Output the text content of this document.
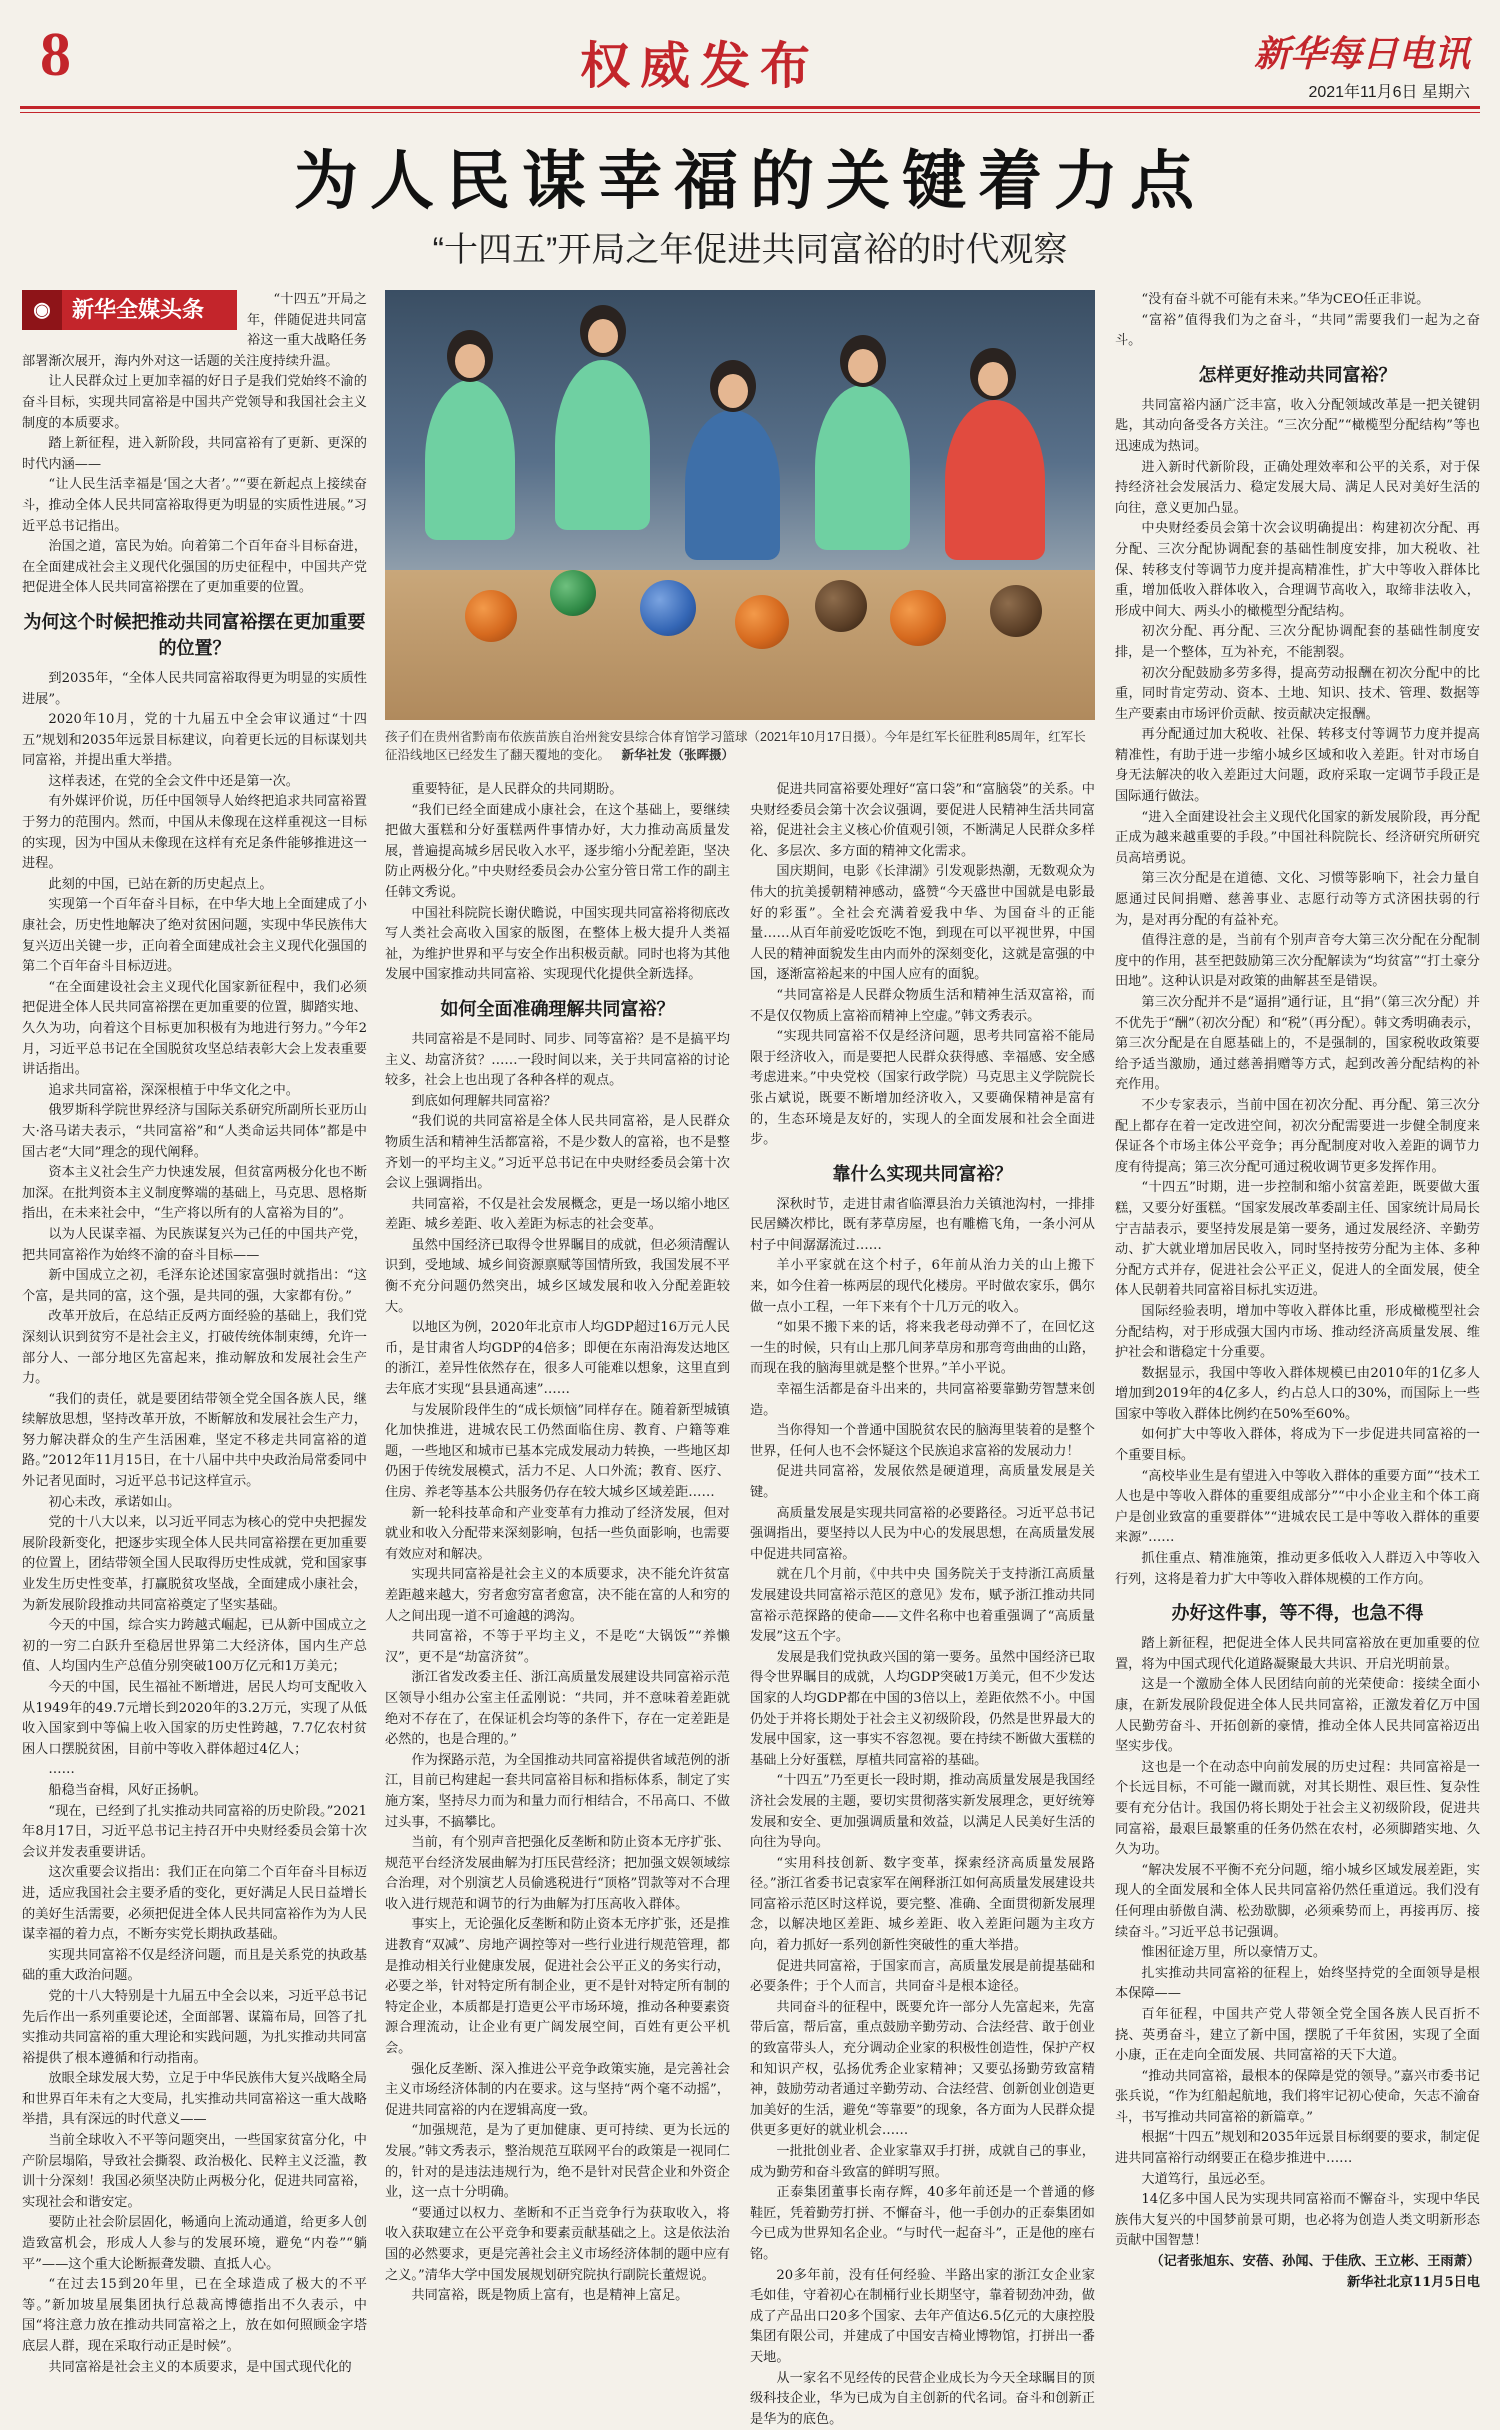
8	权威发布	新华每日电讯
2021年11月6日 星期六
为人民谋幸福的关键着力点
“十四五”开局之年促进共同富裕的时代观察
◉ 新华全媒头条	“十四五”开局之年，伴随促进共同富裕这一重大战略任务部署渐次展开，海内外对这一话题的关注度持续升温。

让人民群众过上更加幸福的好日子是我们党始终不渝的奋斗目标，实现共同富裕是中国共产党领导和我国社会主义制度的本质要求。

踏上新征程，进入新阶段，共同富裕有了更新、更深的时代内涵——

“让人民生活幸福是‘国之大者’。”“要在新起点上接续奋斗，推动全体人民共同富裕取得更为明显的实质性进展。”习近平总书记指出。

治国之道，富民为始。向着第二个百年奋斗目标奋进，在全面建成社会主义现代化强国的历史征程中，中国共产党把促进全体人民共同富裕摆在了更加重要的位置。

为何这个时候把推动共同富裕摆在更加重要的位置？

到2035年，“全体人民共同富裕取得更为明显的实质性进展”。

2020年10月，党的十九届五中全会审议通过“十四五”规划和2035年远景目标建议，向着更长远的目标谋划共同富裕，并提出重大举措。

这样表述，在党的全会文件中还是第一次。

有外媒评价说，历任中国领导人始终把追求共同富裕置于努力的范围内。然而，中国从未像现在这样重视这一目标的实现，因为中国从未像现在这样有充足条件能够推进这一进程。

此刻的中国，已站在新的历史起点上。

实现第一个百年奋斗目标，在中华大地上全面建成了小康社会，历史性地解决了绝对贫困问题，实现中华民族伟大复兴迈出关键一步，正向着全面建成社会主义现代化强国的第二个百年奋斗目标迈进。

“在全面建设社会主义现代化国家新征程中，我们必须把促进全体人民共同富裕摆在更加重要的位置，脚踏实地、久久为功，向着这个目标更加积极有为地进行努力。”今年2月，习近平总书记在全国脱贫攻坚总结表彰大会上发表重要讲话指出。

追求共同富裕，深深根植于中华文化之中。

俄罗斯科学院世界经济与国际关系研究所副所长亚历山大·洛马诺夫表示，“共同富裕”和“人类命运共同体”都是中国古老“大同”理念的现代阐释。

资本主义社会生产力快速发展，但贫富两极分化也不断加深。在批判资本主义制度弊端的基础上，马克思、恩格斯指出，在未来社会中，“生产将以所有的人富裕为目的”。

以为人民谋幸福、为民族谋复兴为己任的中国共产党，把共同富裕作为始终不渝的奋斗目标——

新中国成立之初，毛泽东论述国家富强时就指出：“这个富，是共同的富，这个强，是共同的强，大家都有份。”

改革开放后，在总结正反两方面经验的基础上，我们党深刻认识到贫穷不是社会主义，打破传统体制束缚，允许一部分人、一部分地区先富起来，推动解放和发展社会生产力。

“我们的责任，就是要团结带领全党全国各族人民，继续解放思想，坚持改革开放，不断解放和发展社会生产力，努力解决群众的生产生活困难，坚定不移走共同富裕的道路。”2012年11月15日，在十八届中共中央政治局常委同中外记者见面时，习近平总书记这样宣示。

初心未改，承诺如山。

党的十八大以来，以习近平同志为核心的党中央把握发展阶段新变化，把逐步实现全体人民共同富裕摆在更加重要的位置上，团结带领全国人民取得历史性成就，党和国家事业发生历史性变革，打赢脱贫攻坚战，全面建成小康社会，为新发展阶段推动共同富裕奠定了坚实基础。

今天的中国，综合实力跨越式崛起，已从新中国成立之初的一穷二白跃升至稳居世界第二大经济体，国内生产总值、人均国内生产总值分别突破100万亿元和1万美元；

今天的中国，民生福祉不断增进，居民人均可支配收入从1949年的49.7元增长到2020年的3.2万元，实现了从低收入国家到中等偏上收入国家的历史性跨越，7.7亿农村贫困人口摆脱贫困，目前中等收入群体超过4亿人；

……

船稳当奋楫，风好正扬帆。

“现在，已经到了扎实推动共同富裕的历史阶段。”2021年8月17日，习近平总书记主持召开中央财经委员会第十次会议并发表重要讲话。

这次重要会议指出：我们正在向第二个百年奋斗目标迈进，适应我国社会主要矛盾的变化，更好满足人民日益增长的美好生活需要，必须把促进全体人民共同富裕作为为人民谋幸福的着力点，不断夯实党长期执政基础。

实现共同富裕不仅是经济问题，而且是关系党的执政基础的重大政治问题。

党的十八大特别是十九届五中全会以来，习近平总书记先后作出一系列重要论述，全面部署、谋篇布局，回答了扎实推动共同富裕的重大理论和实践问题，为扎实推动共同富裕提供了根本遵循和行动指南。

放眼全球发展大势，立足于中华民族伟大复兴战略全局和世界百年未有之大变局，扎实推动共同富裕这一重大战略举措，具有深远的时代意义——

当前全球收入不平等问题突出，一些国家贫富分化，中产阶层塌陷，导致社会撕裂、政治极化、民粹主义泛滥，教训十分深刻！我国必须坚决防止两极分化，促进共同富裕，实现社会和谐安定。

要防止社会阶层固化，畅通向上流动通道，给更多人创造致富机会，形成人人参与的发展环境，避免“内卷”“躺平”——这个重大论断振聋发聩、直抵人心。

“在过去15到20年里，已在全球造成了极大的不平等。”新加坡星展集团执行总裁高博德指出不久表示，中国“将注意力放在推动共同富裕之上，放在如何照顾金字塔底层人群，现在采取行动正是时候”。

共同富裕是社会主义的本质要求，是中国式现代化的

孩子们在贵州省黔南布依族苗族自治州瓮安县综合体育馆学习篮球（2021年10月17日摄）。今年是红军长征胜利85周年，红军长征沿线地区已经发生了翻天覆地的变化。 新华社发（张晖摄）

重要特征，是人民群众的共同期盼。

“我们已经全面建成小康社会，在这个基础上，要继续把做大蛋糕和分好蛋糕两件事情办好，大力推动高质量发展，普遍提高城乡居民收入水平，逐步缩小分配差距，坚决防止两极分化。”中央财经委员会办公室分管日常工作的副主任韩文秀说。

中国社科院院长谢伏瞻说，中国实现共同富裕将彻底改写人类社会高收入国家的版图，在整体上极大提升人类福祉，为维护世界和平与安全作出积极贡献。同时也将为其他发展中国家推动共同富裕、实现现代化提供全新选择。

如何全面准确理解共同富裕？

共同富裕是不是同时、同步、同等富裕？是不是搞平均主义、劫富济贫？……一段时间以来，关于共同富裕的讨论较多，社会上也出现了各种各样的观点。

到底如何理解共同富裕？

“我们说的共同富裕是全体人民共同富裕，是人民群众物质生活和精神生活都富裕，不是少数人的富裕，也不是整齐划一的平均主义。”习近平总书记在中央财经委员会第十次会议上强调指出。

共同富裕，不仅是社会发展概念，更是一场以缩小地区差距、城乡差距、收入差距为标志的社会变革。

虽然中国经济已取得令世界瞩目的成就，但必须清醒认识到，受地域、城乡间资源禀赋等国情所致，我国发展不平衡不充分问题仍然突出，城乡区域发展和收入分配差距较大。

以地区为例，2020年北京市人均GDP超过16万元人民币，是甘肃省人均GDP的4倍多；即便在东南沿海发达地区的浙江，差异性依然存在，很多人可能难以想象，这里直到去年底才实现“县县通高速”……

与发展阶段伴生的“成长烦恼”同样存在。随着新型城镇化加快推进，进城农民工仍然面临住房、教育、户籍等难题，一些地区和城市已基本完成发展动力转换，一些地区却仍困于传统发展模式，活力不足、人口外流；教育、医疗、住房、养老等基本公共服务仍存在较大城乡区域差距……

新一轮科技革命和产业变革有力推动了经济发展，但对就业和收入分配带来深刻影响，包括一些负面影响，也需要有效应对和解决。

实现共同富裕是社会主义的本质要求，决不能允许贫富差距越来越大，穷者愈穷富者愈富，决不能在富的人和穷的人之间出现一道不可逾越的鸿沟。

共同富裕，不等于平均主义，不是吃“大锅饭”“养懒汉”，更不是“劫富济贫”。

浙江省发改委主任、浙江高质量发展建设共同富裕示范区领导小组办公室主任孟刚说：“共同，并不意味着差距就绝对不存在了，在保证机会均等的条件下，存在一定差距是必然的，也是合理的。”

作为探路示范，为全国推动共同富裕提供省域范例的浙江，目前已构建起一套共同富裕目标和指标体系，制定了实施方案，坚持尽力而为和量力而行相结合，不吊高口、不做过头事，不搞攀比。

当前，有个别声音把强化反垄断和防止资本无序扩张、规范平台经济发展曲解为打压民营经济；把加强文娱领域综合治理，对个别演艺人员偷逃税进行“顶格”罚款等对不合理收入进行规范和调节的行为曲解为打压高收入群体。

事实上，无论强化反垄断和防止资本无序扩张，还是推进教育“双减”、房地产调控等对一些行业进行规范管理，都是推动相关行业健康发展，促进社会公平正义的务实行动，必要之举，针对特定所有制企业，更不是针对特定所有制的特定企业，本质都是打造更公平市场环境，推动各种要素资源合理流动，让企业有更广阔发展空间，百姓有更公平机会。

强化反垄断、深入推进公平竞争政策实施，是完善社会主义市场经济体制的内在要求。这与坚持“两个毫不动摇”，促进共同富裕的内在逻辑高度一致。

“加强规范，是为了更加健康、更可持续、更为长远的发展。”韩文秀表示，整治规范互联网平台的政策是一视同仁的，针对的是违法违规行为，绝不是针对民营企业和外资企业，这一点十分明确。

“要通过以权力、垄断和不正当竞争行为获取收入，将收入获取建立在公平竞争和要素贡献基础之上。这是依法治国的必然要求，更是完善社会主义市场经济体制的题中应有之义。”清华大学中国发展规划研究院执行副院长董煜说。

共同富裕，既是物质上富有，也是精神上富足。

促进共同富裕要处理好“富口袋”和“富脑袋”的关系。中央财经委员会第十次会议强调，要促进人民精神生活共同富裕，促进社会主义核心价值观引领，不断满足人民群众多样化、多层次、多方面的精神文化需求。

国庆期间，电影《长津湖》引发观影热潮，无数观众为伟大的抗美援朝精神感动，盛赞“今天盛世中国就是电影最好的彩蛋”。全社会充满着爱我中华、为国奋斗的正能量……从百年前爱吃饭吃不饱，到现在可以平视世界，中国人民的精神面貌发生由内而外的深刻变化，这就是富强的中国，逐渐富裕起来的中国人应有的面貌。

“共同富裕是人民群众物质生活和精神生活双富裕，而不是仅仅物质上富裕而精神上空虚。”韩文秀表示。

“实现共同富裕不仅是经济问题，思考共同富裕不能局限于经济收入，而是要把人民群众获得感、幸福感、安全感考虑进来。”中央党校（国家行政学院）马克思主义学院院长张占斌说，既要不断增加经济收入，又要确保精神是富有的，生态环境是友好的，实现人的全面发展和社会全面进步。

靠什么实现共同富裕？

深秋时节，走进甘肃省临潭县治力关镇池沟村，一排排民居鳞次栉比，既有茅草房屋，也有雕檐飞角，一条小河从村子中间潺潺流过……

羊小平家就在这个村子，6年前从治力关的山上搬下来，如今住着一栋两层的现代化楼房。平时做农家乐，偶尔做一点小工程，一年下来有个十几万元的收入。

“如果不搬下来的话，将来我老母动弹不了，在回忆这一生的时候，只有山上那几间茅草房和那弯弯曲曲的山路，而现在我的脑海里就是整个世界。”羊小平说。

幸福生活都是奋斗出来的，共同富裕要靠勤劳智慧来创造。

当你得知一个普通中国脱贫农民的脑海里装着的是整个世界，任何人也不会怀疑这个民族追求富裕的发展动力！

促进共同富裕，发展依然是硬道理，高质量发展是关键。

高质量发展是实现共同富裕的必要路径。习近平总书记强调指出，要坚持以人民为中心的发展思想，在高质量发展中促进共同富裕。

就在几个月前，《中共中央 国务院关于支持浙江高质量发展建设共同富裕示范区的意见》发布，赋予浙江推动共同富裕示范探路的使命——文件名称中也着重强调了“高质量发展”这五个字。

发展是我们党执政兴国的第一要务。虽然中国经济已取得令世界瞩目的成就，人均GDP突破1万美元，但不少发达国家的人均GDP都在中国的3倍以上，差距依然不小。中国仍处于并将长期处于社会主义初级阶段，仍然是世界最大的发展中国家，这一事实不容忽视。要在持续不断做大蛋糕的基础上分好蛋糕，厚植共同富裕的基础。

“十四五”乃至更长一段时期，推动高质量发展是我国经济社会发展的主题，要切实贯彻落实新发展理念，更好统筹发展和安全、更加强调质量和效益，以满足人民美好生活的向往为导向。

“实用科技创新、数字变革，探索经济高质量发展路径。”浙江省委书记袁家军在阐释浙江如何高质量发展建设共同富裕示范区时这样说，要完整、准确、全面贯彻新发展理念，以解决地区差距、城乡差距、收入差距问题为主攻方向，着力抓好一系列创新性突破性的重大举措。

促进共同富裕，于国家而言，高质量发展是前提基础和必要条件；于个人而言，共同奋斗是根本途径。

共同奋斗的征程中，既要允许一部分人先富起来，先富带后富，帮后富，重点鼓励辛勤劳动、合法经营、敢于创业的致富带头人，充分调动企业家的积极性创造性，保护产权和知识产权，弘扬优秀企业家精神；又要弘扬勤劳致富精神，鼓励劳动者通过辛勤劳动、合法经营、创新创业创造更加美好的生活，避免“等靠要”的现象，各方面为人民群众提供更多更好的就业机会……

一批批创业者、企业家靠双手打拼，成就自己的事业，成为勤劳和奋斗致富的鲜明写照。

正泰集团董事长南存辉，40多年前还是一个普通的修鞋匠，凭着勤劳打拼、不懈奋斗，他一手创办的正泰集团如今已成为世界知名企业。“与时代一起奋斗”，正是他的座右铭。

20多年前，没有任何经验、半路出家的浙江女企业家毛如佳，守着初心在制桶行业长期坚守，靠着韧劲冲劲，做成了产品出口20多个国家、去年产值达6.5亿元的大康控股集团有限公司，并建成了中国安吉椅业博物馆，打拼出一番天地。

从一家名不见经传的民营企业成长为今天全球瞩目的顶级科技企业，华为已成为自主创新的代名词。奋斗和创新正是华为的底色。

“没有奋斗就不可能有未来。”华为CEO任正非说。

“富裕”值得我们为之奋斗，“共同”需要我们一起为之奋斗。

怎样更好推动共同富裕？

共同富裕内涵广泛丰富，收入分配领域改革是一把关键钥匙，其动向备受各方关注。“三次分配”“橄榄型分配结构”等也迅速成为热词。

进入新时代新阶段，正确处理效率和公平的关系，对于保持经济社会发展活力、稳定发展大局、满足人民对美好生活的向往，意义更加凸显。

中央财经委员会第十次会议明确提出：构建初次分配、再分配、三次分配协调配套的基础性制度安排，加大税收、社保、转移支付等调节力度并提高精准性，扩大中等收入群体比重，增加低收入群体收入，合理调节高收入，取缔非法收入，形成中间大、两头小的橄榄型分配结构。

初次分配、再分配、三次分配协调配套的基础性制度安排，是一个整体，互为补充，不能割裂。

初次分配鼓励多劳多得，提高劳动报酬在初次分配中的比重，同时肯定劳动、资本、土地、知识、技术、管理、数据等生产要素由市场评价贡献、按贡献决定报酬。

再分配通过加大税收、社保、转移支付等调节力度并提高精准性，有助于进一步缩小城乡区域和收入差距。针对市场自身无法解决的收入差距过大问题，政府采取一定调节手段正是国际通行做法。

“进入全面建设社会主义现代化国家的新发展阶段，再分配正成为越来越重要的手段。”中国社科院院长、经济研究所研究员高培勇说。

第三次分配是在道德、文化、习惯等影响下，社会力量自愿通过民间捐赠、慈善事业、志愿行动等方式济困扶弱的行为，是对再分配的有益补充。

值得注意的是，当前有个别声音夸大第三次分配在分配制度中的作用，甚至把鼓励第三次分配解读为“均贫富”“打土豪分田地”。这种认识是对政策的曲解甚至是错误。

第三次分配并不是“逼捐”通行证，且“捐”（第三次分配）并不优先于“酬”（初次分配）和“税”（再分配）。韩文秀明确表示，第三次分配是在自愿基础上的，不是强制的，国家税收政策要给予适当激励，通过慈善捐赠等方式，起到改善分配结构的补充作用。

不少专家表示，当前中国在初次分配、再分配、第三次分配上都存在着一定改进空间，初次分配需要进一步健全制度来保证各个市场主体公平竞争；再分配制度对收入差距的调节力度有待提高；第三次分配可通过税收调节更多发挥作用。

“十四五”时期，进一步控制和缩小贫富差距，既要做大蛋糕，又要分好蛋糕。“国家发展改革委副主任、国家统计局局长宁吉喆表示，要坚持发展是第一要务，通过发展经济、辛勤劳动、扩大就业增加居民收入，同时坚持按劳分配为主体、多种分配方式并存，促进社会公平正义，促进人的全面发展，使全体人民朝着共同富裕目标扎实迈进。

国际经验表明，增加中等收入群体比重，形成橄榄型社会分配结构，对于形成强大国内市场、推动经济高质量发展、维护社会和谐稳定十分重要。

数据显示，我国中等收入群体规模已由2010年的1亿多人增加到2019年的4亿多人，约占总人口的30%，而国际上一些国家中等收入群体比例约在50%至60%。

如何扩大中等收入群体，将成为下一步促进共同富裕的一个重要目标。

“高校毕业生是有望进入中等收入群体的重要方面”“技术工人也是中等收入群体的重要组成部分”“中小企业主和个体工商户是创业致富的重要群体”“进城农民工是中等收入群体的重要来源”……

抓住重点、精准施策，推动更多低收入人群迈入中等收入行列，这将是着力扩大中等收入群体规模的工作方向。

办好这件事，等不得，也急不得

踏上新征程，把促进全体人民共同富裕放在更加重要的位置，将为中国式现代化道路凝聚最大共识、开启光明前景。

这是一个激励全体人民团结向前的光荣使命：接续全面小康，在新发展阶段促进全体人民共同富裕，正激发着亿万中国人民勤劳奋斗、开拓创新的豪情，推动全体人民共同富裕迈出坚实步伐。

这也是一个在动态中向前发展的历史过程：共同富裕是一个长远目标，不可能一蹴而就，对其长期性、艰巨性、复杂性要有充分估计。我国仍将长期处于社会主义初级阶段，促进共同富裕，最艰巨最繁重的任务仍然在农村，必须脚踏实地、久久为功。

“解决发展不平衡不充分问题，缩小城乡区域发展差距，实现人的全面发展和全体人民共同富裕仍然任重道远。我们没有任何理由骄傲自满、松劲歇脚，必须乘势而上，再接再厉、接续奋斗。”习近平总书记强调。

惟困征途万里，所以豪情万丈。

扎实推动共同富裕的征程上，始终坚持党的全面领导是根本保障——

百年征程，中国共产党人带领全党全国各族人民百折不挠、英勇奋斗，建立了新中国，摆脱了千年贫困，实现了全面小康，正在走向全面发展、共同富裕的天下大道。

“推动共同富裕，最根本的保障是党的领导。”嘉兴市委书记张兵说，“作为红船起航地，我们将牢记初心使命，矢志不渝奋斗，书写推动共同富裕的新篇章。”

根据“十四五”规划和2035年远景目标纲要的要求，制定促进共同富裕行动纲要正在稳步推进中……

大道笃行，虽远必至。

14亿多中国人民为实现共同富裕而不懈奋斗，实现中华民族伟大复兴的中国梦前景可期，也必将为创造人类文明新形态贡献中国智慧！

（记者张旭东、安蓓、孙闻、于佳欣、王立彬、王雨萧）

新华社北京11月5日电
